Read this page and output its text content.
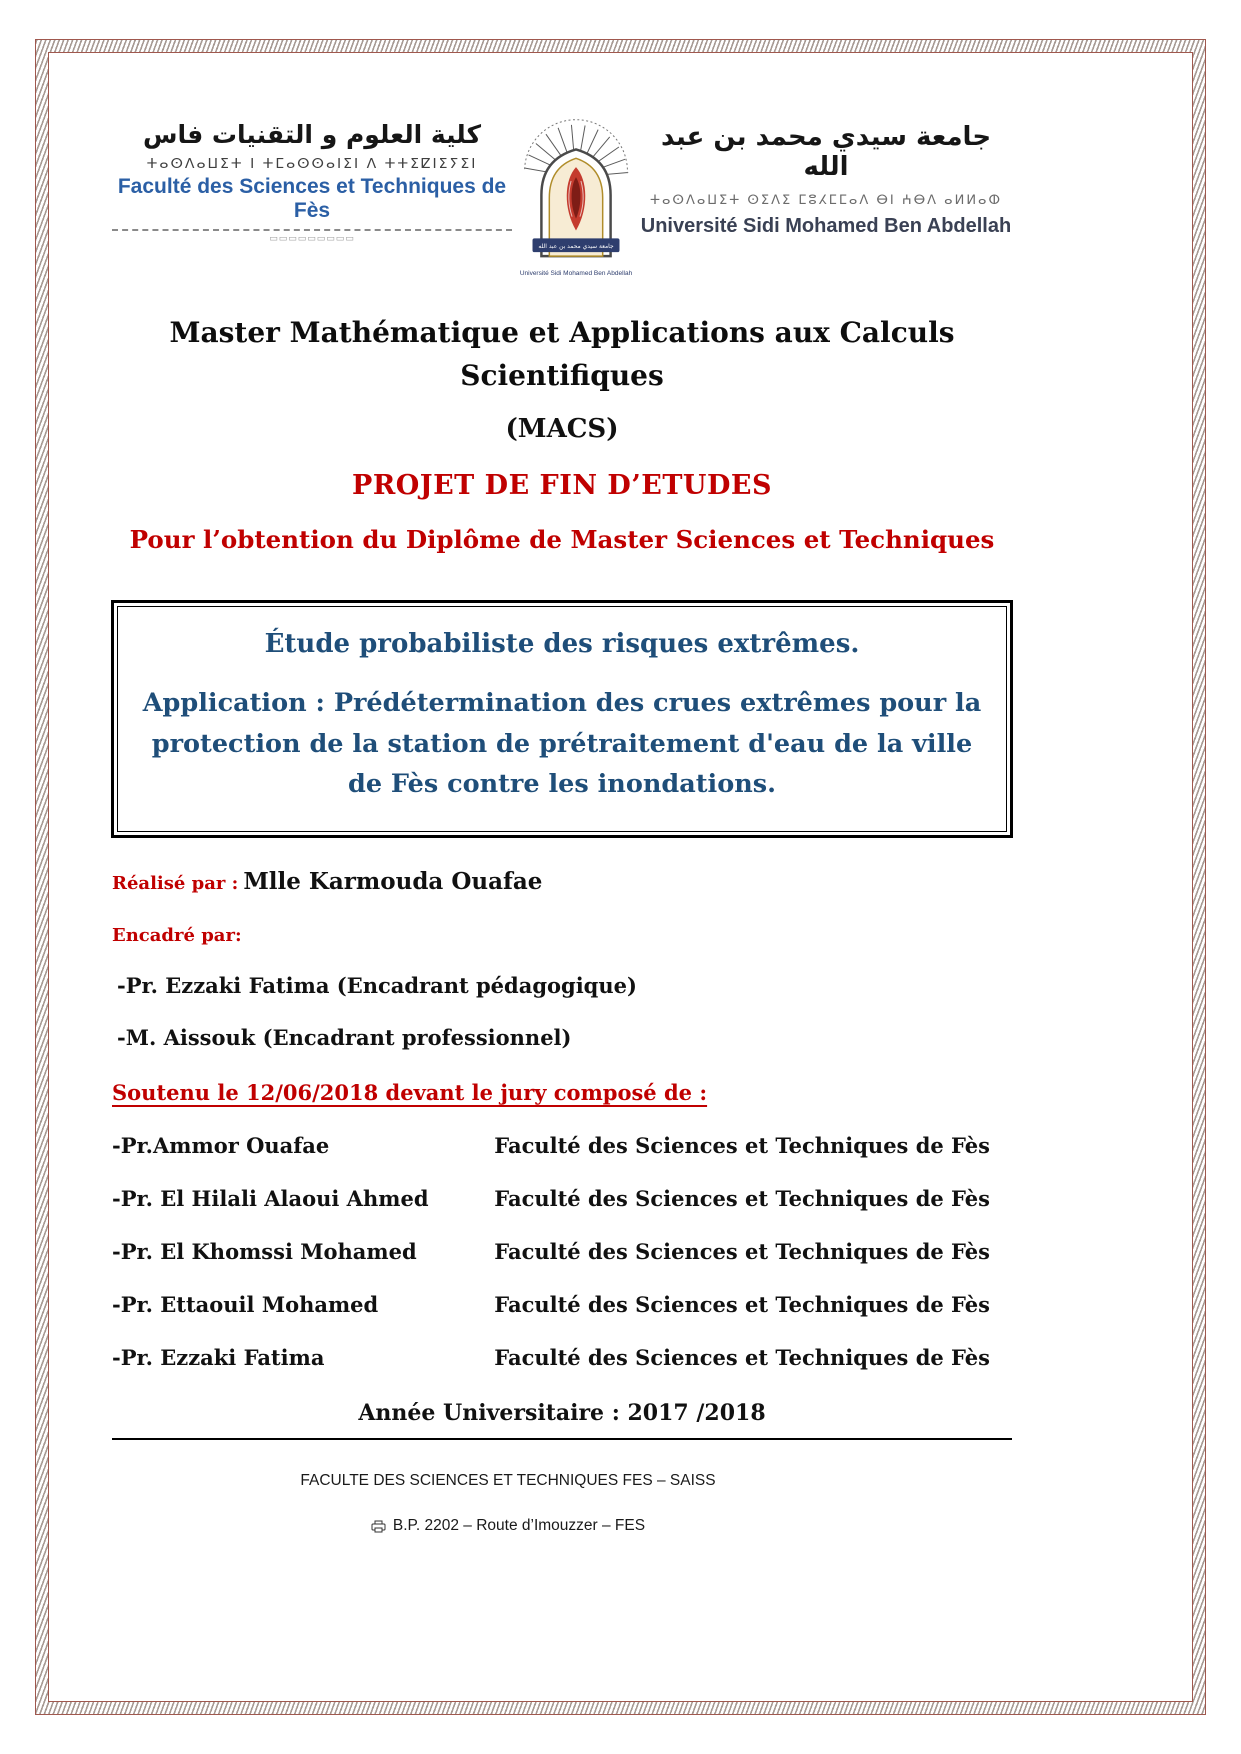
كلية العلوم و التقنيات فاس
ⵜⴰⵙⴷⴰⵡⵉⵜ ⵏ ⵜⵎⴰⵙⵙⴰⵏⵉⵏ ⴷ ⵜⵜⵉⵇⵏⵉⵢⵉⵏ
Faculté des Sciences et Techniques de Fès
▭▭▭▭▭▭▭▭▭
جامعة سيدي محمد بن عبد الله
Université Sidi Mohamed Ben Abdellah
جامعة سيدي محمد بن عبد الله
ⵜⴰⵙⴷⴰⵡⵉⵜ ⵙⵉⴷⵉ ⵎⵓⵃⵎⵎⴰⴷ ⴱⵏ ⵄⴱⴷ ⴰⵍⵍⴰⵀ
Université Sidi Mohamed Ben Abdellah
Master Mathématique et Applications aux Calculs Scientifiques
(MACS)
PROJET DE FIN D’ETUDES
Pour l’obtention du Diplôme de Master Sciences et Techniques
Étude probabiliste des risques extrêmes.
Application : Prédétermination des crues extrêmes pour la protection de la station de prétraitement d'eau de la ville de Fès contre les inondations.
Réalisé par : Mlle Karmouda Ouafae
Encadré par:
-Pr. Ezzaki Fatima (Encadrant pédagogique)
-M. Aissouk (Encadrant professionnel)
Soutenu le 12/06/2018 devant le jury composé de :
-Pr.Ammor Ouafae	Faculté des Sciences et Techniques de Fès
-Pr. El Hilali Alaoui Ahmed	Faculté des Sciences et Techniques de Fès
-Pr. El Khomssi Mohamed	Faculté des Sciences et Techniques de Fès
-Pr. Ettaouil Mohamed	Faculté des Sciences et Techniques de Fès
-Pr. Ezzaki Fatima	Faculté des Sciences et Techniques de Fès
Année Universitaire : 2017 /2018
FACULTE DES SCIENCES ET TECHNIQUES FES – SAISS
B.P. 2202 – Route d’Imouzzer – FES
